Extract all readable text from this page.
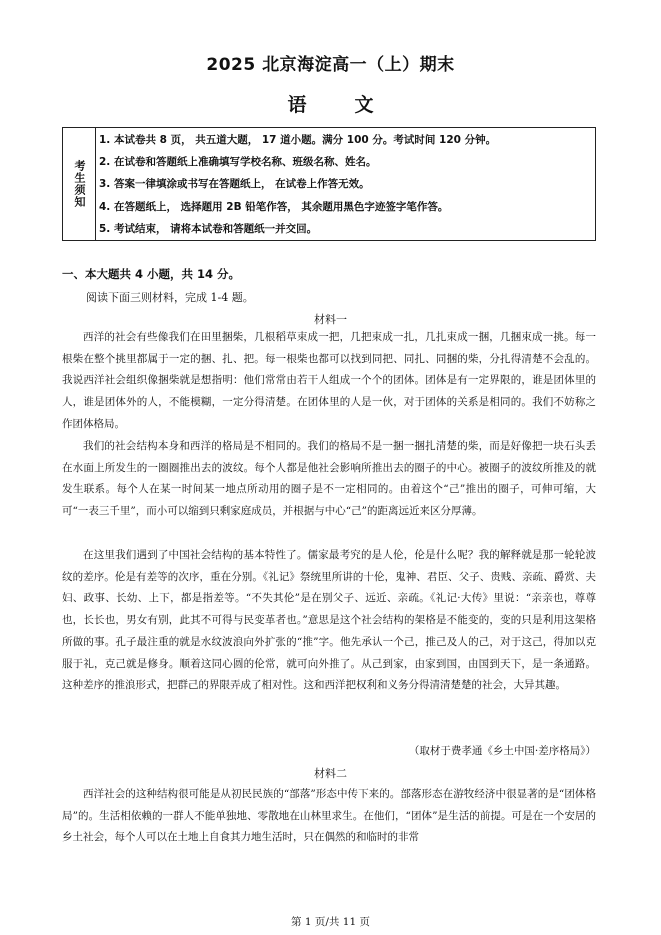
2025 北京海淀高一（上）期末
语	文
考生须知
1. 本试卷共 8 页， 共五道大题， 17 道小题。满分 100 分。考试时间 120 分钟。
2. 在试卷和答题纸上准确填写学校名称、班级名称、姓名。
3. 答案一律填涂或书写在答题纸上， 在试卷上作答无效。
4. 在答题纸上， 选择题用 2B 铅笔作答， 其余题用黑色字迹签字笔作答。
5. 考试结束， 请将本试卷和答题纸一并交回。
一、本大题共 4 小题，共 14 分。
阅读下面三则材料，完成 1-4 题。
材料一

西洋的社会有些像我们在田里捆柴，几根稻草束成一把，几把束成一扎，几扎束成一捆，几捆束成一挑。每一根柴在整个挑里都属于一定的捆、扎、把。每一根柴也都可以找到同把、同扎、同捆的柴，分扎得清楚不会乱的。我说西洋社会组织像捆柴就是想指明：他们常常由若干人组成一个个的团体。团体是有一定界限的，谁是团体里的人，谁是团体外的人，不能模糊，一定分得清楚。在团体里的人是一伙，对于团体的关系是相同的。我们不妨称之作团体格局。

我们的社会结构本身和西洋的格局是不相同的。我们的格局不是一捆一捆扎清楚的柴，而是好像把一块石头丢在水面上所发生的一圈圈推出去的波纹。每个人都是他社会影响所推出去的圈子的中心。被圈子的波纹所推及的就发生联系。每个人在某一时间某一地点所动用的圈子是不一定相同的。由着这个“己”推出的圈子，可伸可缩，大可“一表三千里”，而小可以缩到只剩家庭成员，并根据与中心“己”的距离远近来区分厚薄。

在这里我们遇到了中国社会结构的基本特性了。儒家最考究的是人伦，伦是什么呢？我的解释就是那一轮轮波纹的差序。伦是有差等的次序，重在分别。《礼记》祭统里所讲的十伦，鬼神、君臣、父子、贵贱、亲疏、爵赏、夫妇、政事、长幼、上下，都是指差等。“不失其伦”是在别父子、远近、亲疏。《礼记·大传》里说：“亲亲也，尊尊也，长长也，男女有别，此其不可得与民变革者也。”意思是这个社会结构的架格是不能变的，变的只是利用这架格所做的事。孔子最注重的就是水纹波浪向外扩张的“推”字。他先承认一个己，推己及人的己，对于这己，得加以克服于礼，克己就是修身。顺着这同心圆的伦常，就可向外推了。从己到家，由家到国，由国到天下，是一条通路。这种差序的推浪形式，把群己的界限弄成了相对性。这和西洋把权利和义务分得清清楚楚的社会，大异其趣。

（取材于费孝通《乡土中国·差序格局》）
材料二

西洋社会的这种结构很可能是从初民民族的“部落”形态中传下来的。部落形态在游牧经济中很显著的是“团体格局”的。生活相依赖的一群人不能单独地、零散地在山林里求生。在他们，“团体”是生活的前提。可是在一个安居的乡土社会，每个人可以在土地上自食其力地生活时，只在偶然的和临时的非常

第 1 页/共 11 页
